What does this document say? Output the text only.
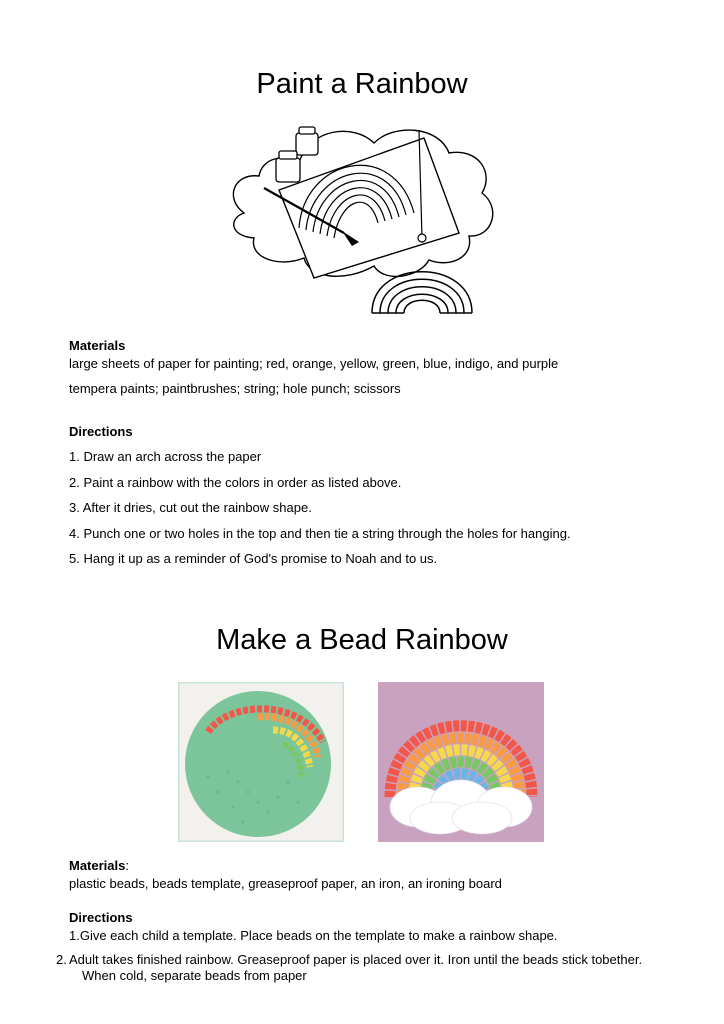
Paint a Rainbow
Materials

large sheets of paper for painting; red, orange, yellow, green, blue, indigo, and purple

tempera paints; paintbrushes; string; hole punch; scissors

Directions
1. Draw an arch across the paper
2. Paint a rainbow with the colors in order as listed above.
3. After it dries, cut out the rainbow shape.
4. Punch one or two holes in the top and then tie a string through the holes for hanging.
5. Hang it up as a reminder of God's promise to Noah and to us.
Make a Bead Rainbow
Materials:

plastic beads, beads template, greaseproof paper, an iron, an ironing board

Directions
1.Give each child a template. Place beads on the template to make a rainbow shape.
2. Adult takes finished rainbow. Greaseproof paper is placed over it. Iron until the beads stick tobether. When cold, separate beads from paper
